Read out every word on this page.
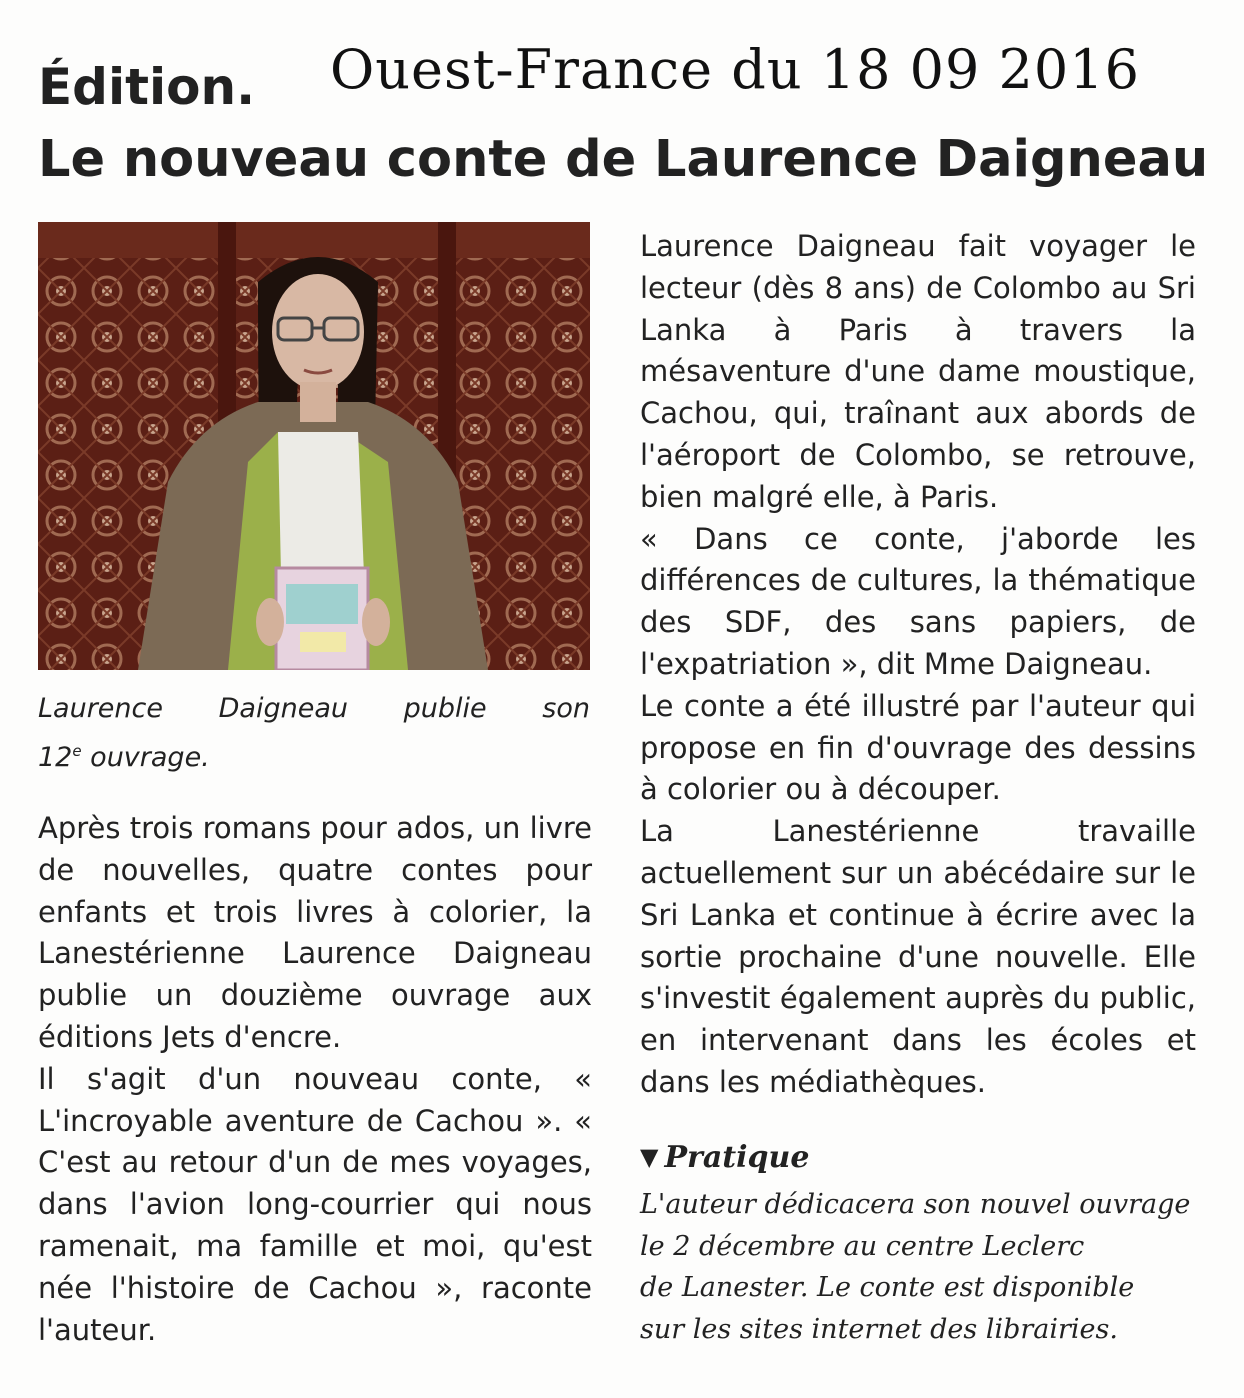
Ouest-France du 18 09 2016
Édition.
Le nouveau conte de Laurence Daigneau
Laurence Daigneau publie son
12e ouvrage.

Après trois romans pour ados, un livre de nouvelles, quatre contes pour enfants et trois livres à colorier, la Lanestérienne Laurence Daigneau publie un douzième ouvrage aux éditions Jets d'encre.

Il s'agit d'un nouveau conte, « L'incroyable aventure de Cachou ». « C'est au retour d'un de mes voyages, dans l'avion long-courrier qui nous ramenait, ma famille et moi, qu'est née l'histoire de Cachou », raconte l'auteur.

Laurence Daigneau fait voyager le lecteur (dès 8 ans) de Colombo au Sri Lanka à Paris à travers la mésaventure d'une dame moustique, Cachou, qui, traînant aux abords de l'aéroport de Colombo, se retrouve, bien malgré elle, à Paris.

« Dans ce conte, j'aborde les différences de cultures, la thématique des SDF, des sans papiers, de l'expatriation », dit Mme Daigneau.

Le conte a été illustré par l'auteur qui propose en fin d'ouvrage des dessins à colorier ou à découper.

La Lanestérienne travaille actuellement sur un abécédaire sur le Sri Lanka et continue à écrire avec la sortie prochaine d'une nouvelle. Elle s'investit également auprès du public, en intervenant dans les écoles et dans les médiathèques.

▼ Pratique
L'auteur dédicacera son nouvel ouvrage
le 2 décembre au centre Leclerc
de Lanester. Le conte est disponible
sur les sites internet des librairies.
